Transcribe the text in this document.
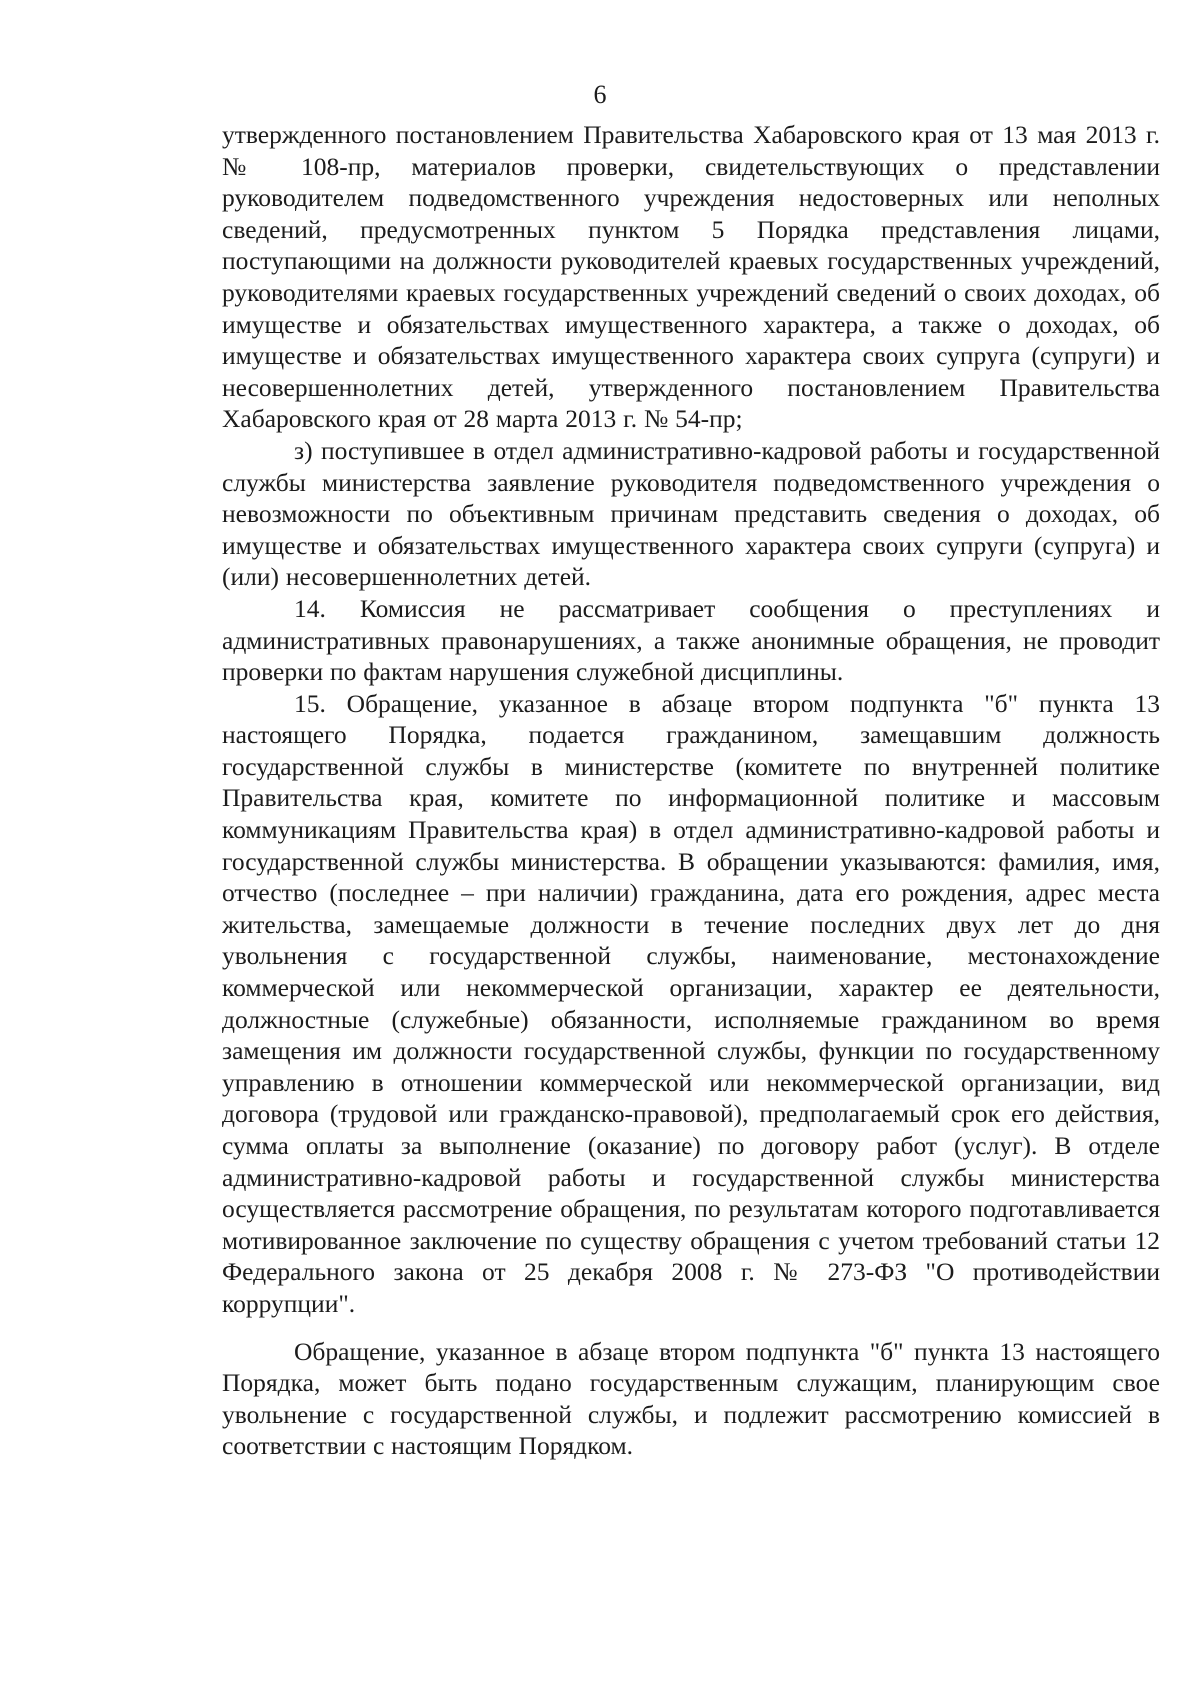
6

утвержденного постановлением Правительства Хабаровского края от 13 мая 2013 г. № 108-пр, материалов проверки, свидетельствующих о представлении руководителем подведомственного учреждения недостоверных или неполных сведений, предусмотренных пунктом 5 Порядка представления лицами, поступающими на должности руководителей краевых государственных учреждений, руководителями краевых государственных учреждений сведений о своих доходах, об имуществе и обязательствах имущественного характера, а также о доходах, об имуществе и обязательствах имущественного характера своих супруга (супруги) и несовершеннолетних детей, утвержденного постановлением Правительства Хабаровского края от 28 марта 2013 г. № 54-пр;

з) поступившее в отдел административно-кадровой работы и государственной службы министерства заявление руководителя подведомственного учреждения о невозможности по объективным причинам представить сведения о доходах, об имуществе и обязательствах имущественного характера своих супруги (супруга) и (или) несовершеннолетних детей.

14. Комиссия не рассматривает сообщения о преступлениях и административных правонарушениях, а также анонимные обращения, не проводит проверки по фактам нарушения служебной дисциплины.

15. Обращение, указанное в абзаце втором подпункта "б" пункта 13 настоящего Порядка, подается гражданином, замещавшим должность государственной службы в министерстве (комитете по внутренней политике Правительства края, комитете по информационной политике и массовым коммуникациям Правительства края) в отдел административно-кадровой работы и государственной службы министерства. В обращении указываются: фамилия, имя, отчество (последнее – при наличии) гражданина, дата его рождения, адрес места жительства, замещаемые должности в течение последних двух лет до дня увольнения с государственной службы, наименование, местонахождение коммерческой или некоммерческой организации, характер ее деятельности, должностные (служебные) обязанности, исполняемые гражданином во время замещения им должности государственной службы, функции по государственному управлению в отношении коммерческой или некоммерческой организации, вид договора (трудовой или гражданско-правовой), предполагаемый срок его действия, сумма оплаты за выполнение (оказание) по договору работ (услуг). В отделе административно-кадровой работы и государственной службы министерства осуществляется рассмотрение обращения, по результатам которого подготавливается мотивированное заключение по существу обращения с учетом требований статьи 12 Федерального закона от 25 декабря 2008 г. № 273-ФЗ "О противодействии коррупции".

Обращение, указанное в абзаце втором подпункта "б" пункта 13 настоящего Порядка, может быть подано государственным служащим, планирующим свое увольнение с государственной службы, и подлежит рассмотрению комиссией в соответствии с настоящим Порядком.
